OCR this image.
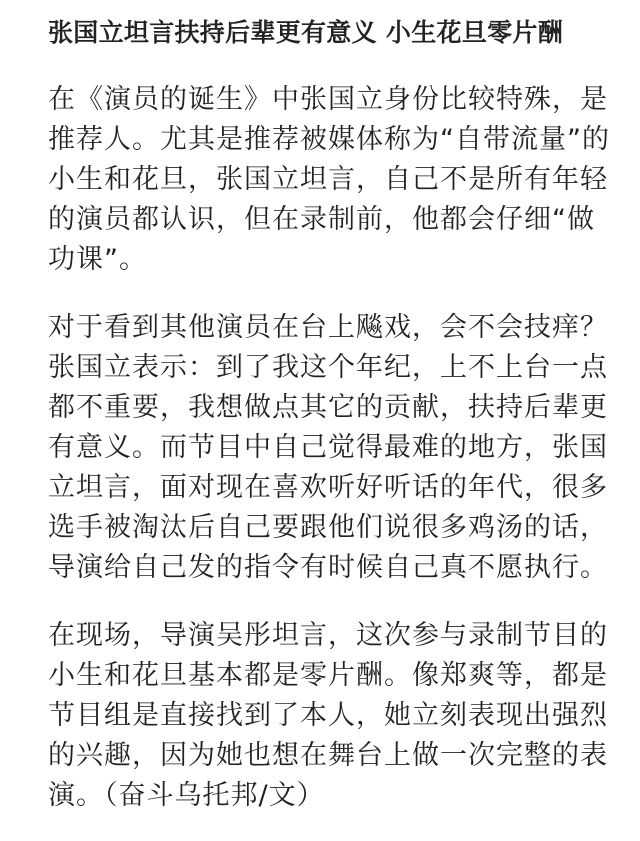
张国立坦言扶持后辈更有意义 小生花旦零片酬
在《演员的诞生》中张国立身份比较特殊，是
推荐人。尤其是推荐被媒体称为“自带流量”的
小生和花旦，张国立坦言，自己不是所有年轻
的演员都认识，但在录制前，他都会仔细“做
功课”。
对于看到其他演员在台上飚戏，会不会技痒？
张国立表示：到了我这个年纪，上不上台一点
都不重要，我想做点其它的贡献，扶持后辈更
有意义。而节目中自己觉得最难的地方，张国
立坦言，面对现在喜欢听好听话的年代，很多
选手被淘汰后自己要跟他们说很多鸡汤的话，
导演给自己发的指令有时候自己真不愿执行。
在现场，导演吴彤坦言，这次参与录制节目的
小生和花旦基本都是零片酬。像郑爽等，都是
节目组是直接找到了本人，她立刻表现出强烈
的兴趣，因为她也想在舞台上做一次完整的表
演。（奋斗乌托邦/文）
